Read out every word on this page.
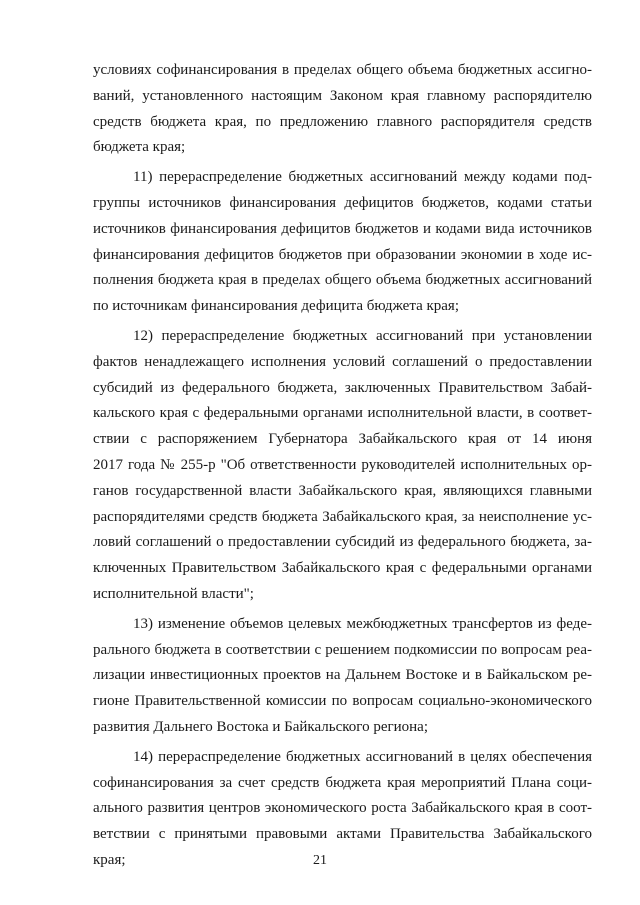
условиях софинансирования в пределах общего объема бюджетных ассигно-
ваний, установленного настоящим Законом края главному распорядителю
средств бюджета края, по предложению главного распорядителя средств
бюджета края;
11) перераспределение бюджетных ассигнований между кодами под-
группы источников финансирования дефицитов бюджетов, кодами статьи
источников финансирования дефицитов бюджетов и кодами вида источников
финансирования дефицитов бюджетов при образовании экономии в ходе ис-
полнения бюджета края в пределах общего объема бюджетных ассигнований
по источникам финансирования дефицита бюджета края;
12) перераспределение бюджетных ассигнований при установлении
фактов ненадлежащего исполнения условий соглашений о предоставлении
субсидий из федерального бюджета, заключенных Правительством Забай-
кальского края с федеральными органами исполнительной власти, в соответ-
ствии с распоряжением Губернатора Забайкальского края от 14 июня
2017 года № 255-р "Об ответственности руководителей исполнительных ор-
ганов государственной власти Забайкальского края, являющихся главными
распорядителями средств бюджета Забайкальского края, за неисполнение ус-
ловий соглашений о предоставлении субсидий из федерального бюджета, за-
ключенных Правительством Забайкальского края с федеральными органами
исполнительной власти";
13) изменение объемов целевых межбюджетных трансфертов из феде-
рального бюджета в соответствии с решением подкомиссии по вопросам реа-
лизации инвестиционных проектов на Дальнем Востоке и в Байкальском ре-
гионе Правительственной комиссии по вопросам социально-экономического
развития Дальнего Востока и Байкальского региона;
14) перераспределение бюджетных ассигнований в целях обеспечения
софинансирования за счет средств бюджета края мероприятий Плана соци-
ального развития центров экономического роста Забайкальского края в соот-
ветствии с принятыми правовыми актами Правительства Забайкальского
края;	21
